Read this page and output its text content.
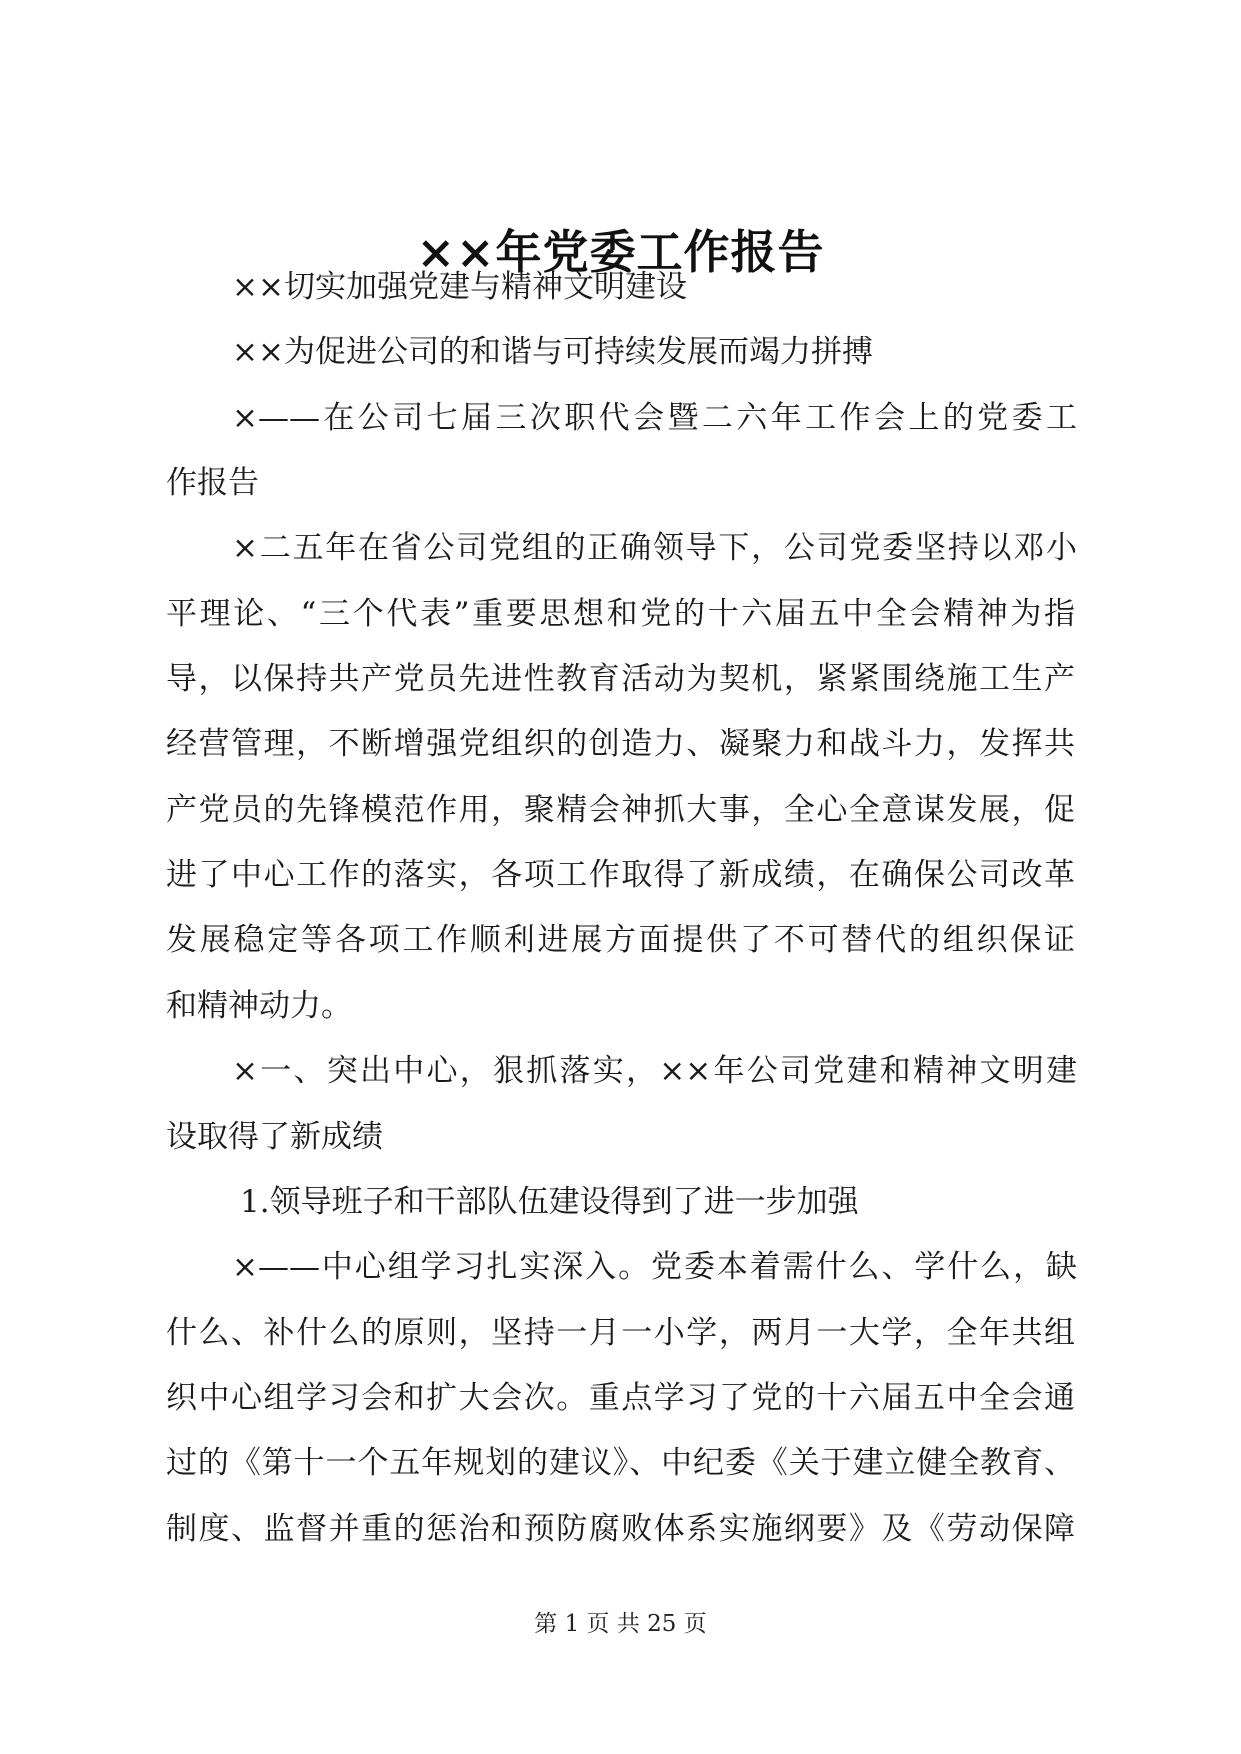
××年党委工作报告
××切实加强党建与精神文明建设
××为促进公司的和谐与可持续发展而竭力拼搏
×——在公司七届三次职代会暨二六年工作会上的党委工
作报告
×二五年在省公司党组的正确领导下，公司党委坚持以邓小
平理论、“三个代表”重要思想和党的十六届五中全会精神为指
导，以保持共产党员先进性教育活动为契机，紧紧围绕施工生产
经营管理，不断增强党组织的创造力、凝聚力和战斗力，发挥共
产党员的先锋模范作用，聚精会神抓大事，全心全意谋发展，促
进了中心工作的落实，各项工作取得了新成绩，在确保公司改革
发展稳定等各项工作顺利进展方面提供了不可替代的组织保证
和精神动力。
×一、突出中心，狠抓落实，××年公司党建和精神文明建
设取得了新成绩
1.领导班子和干部队伍建设得到了进一步加强
×——中心组学习扎实深入。党委本着需什么、学什么，缺
什么、补什么的原则，坚持一月一小学，两月一大学，全年共组
织中心组学习会和扩大会次。重点学习了党的十六届五中全会通
过的《第十一个五年规划的建议》、中纪委《关于建立健全教育、
制度、监督并重的惩治和预防腐败体系实施纲要》及《劳动保障
第 1 页 共 25 页
